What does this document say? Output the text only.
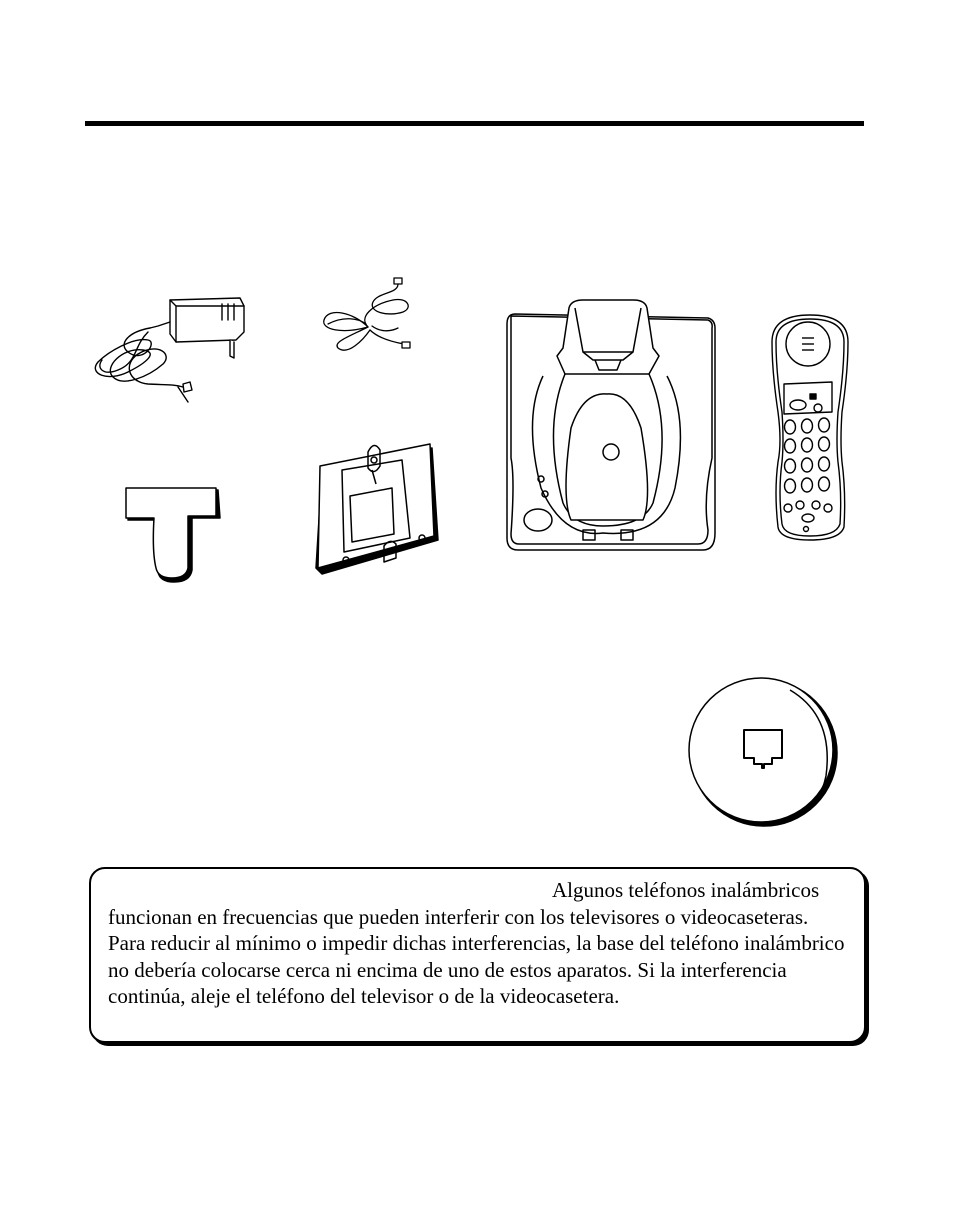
Algunos teléfonos inalámbricos funcionan en frecuencias que pueden interferir con los televisores o videocaseteras. Para reducir al mínimo o impedir dichas interferencias, la base del teléfono inalámbrico no debería colocarse cerca ni encima de uno de estos aparatos. Si la interferencia continúa, aleje el teléfono del televisor o de la videocasetera.
